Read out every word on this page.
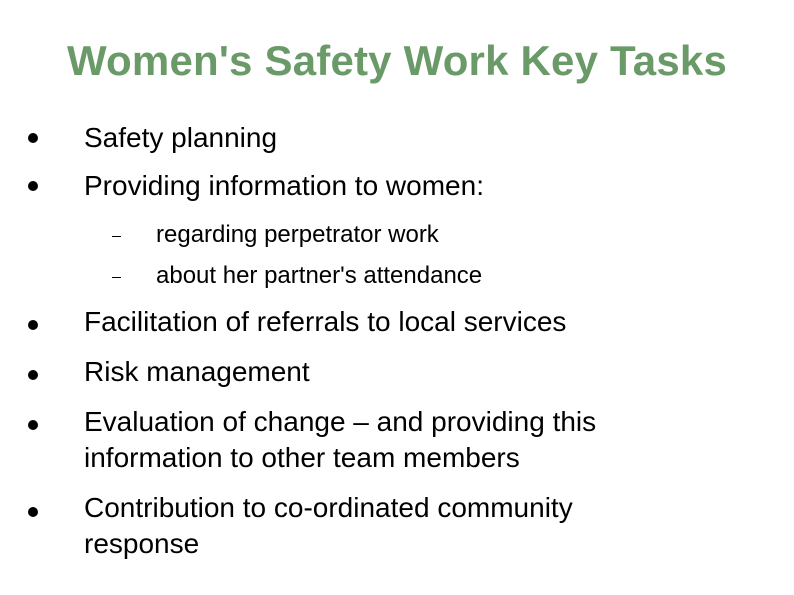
Women's Safety Work Key Tasks
Safety planning
Providing information to women:
regarding perpetrator work
about her partner's attendance
Facilitation of referrals to local services
Risk management
Evaluation of change – and providing this information to other team members
Contribution to co-ordinated community response
